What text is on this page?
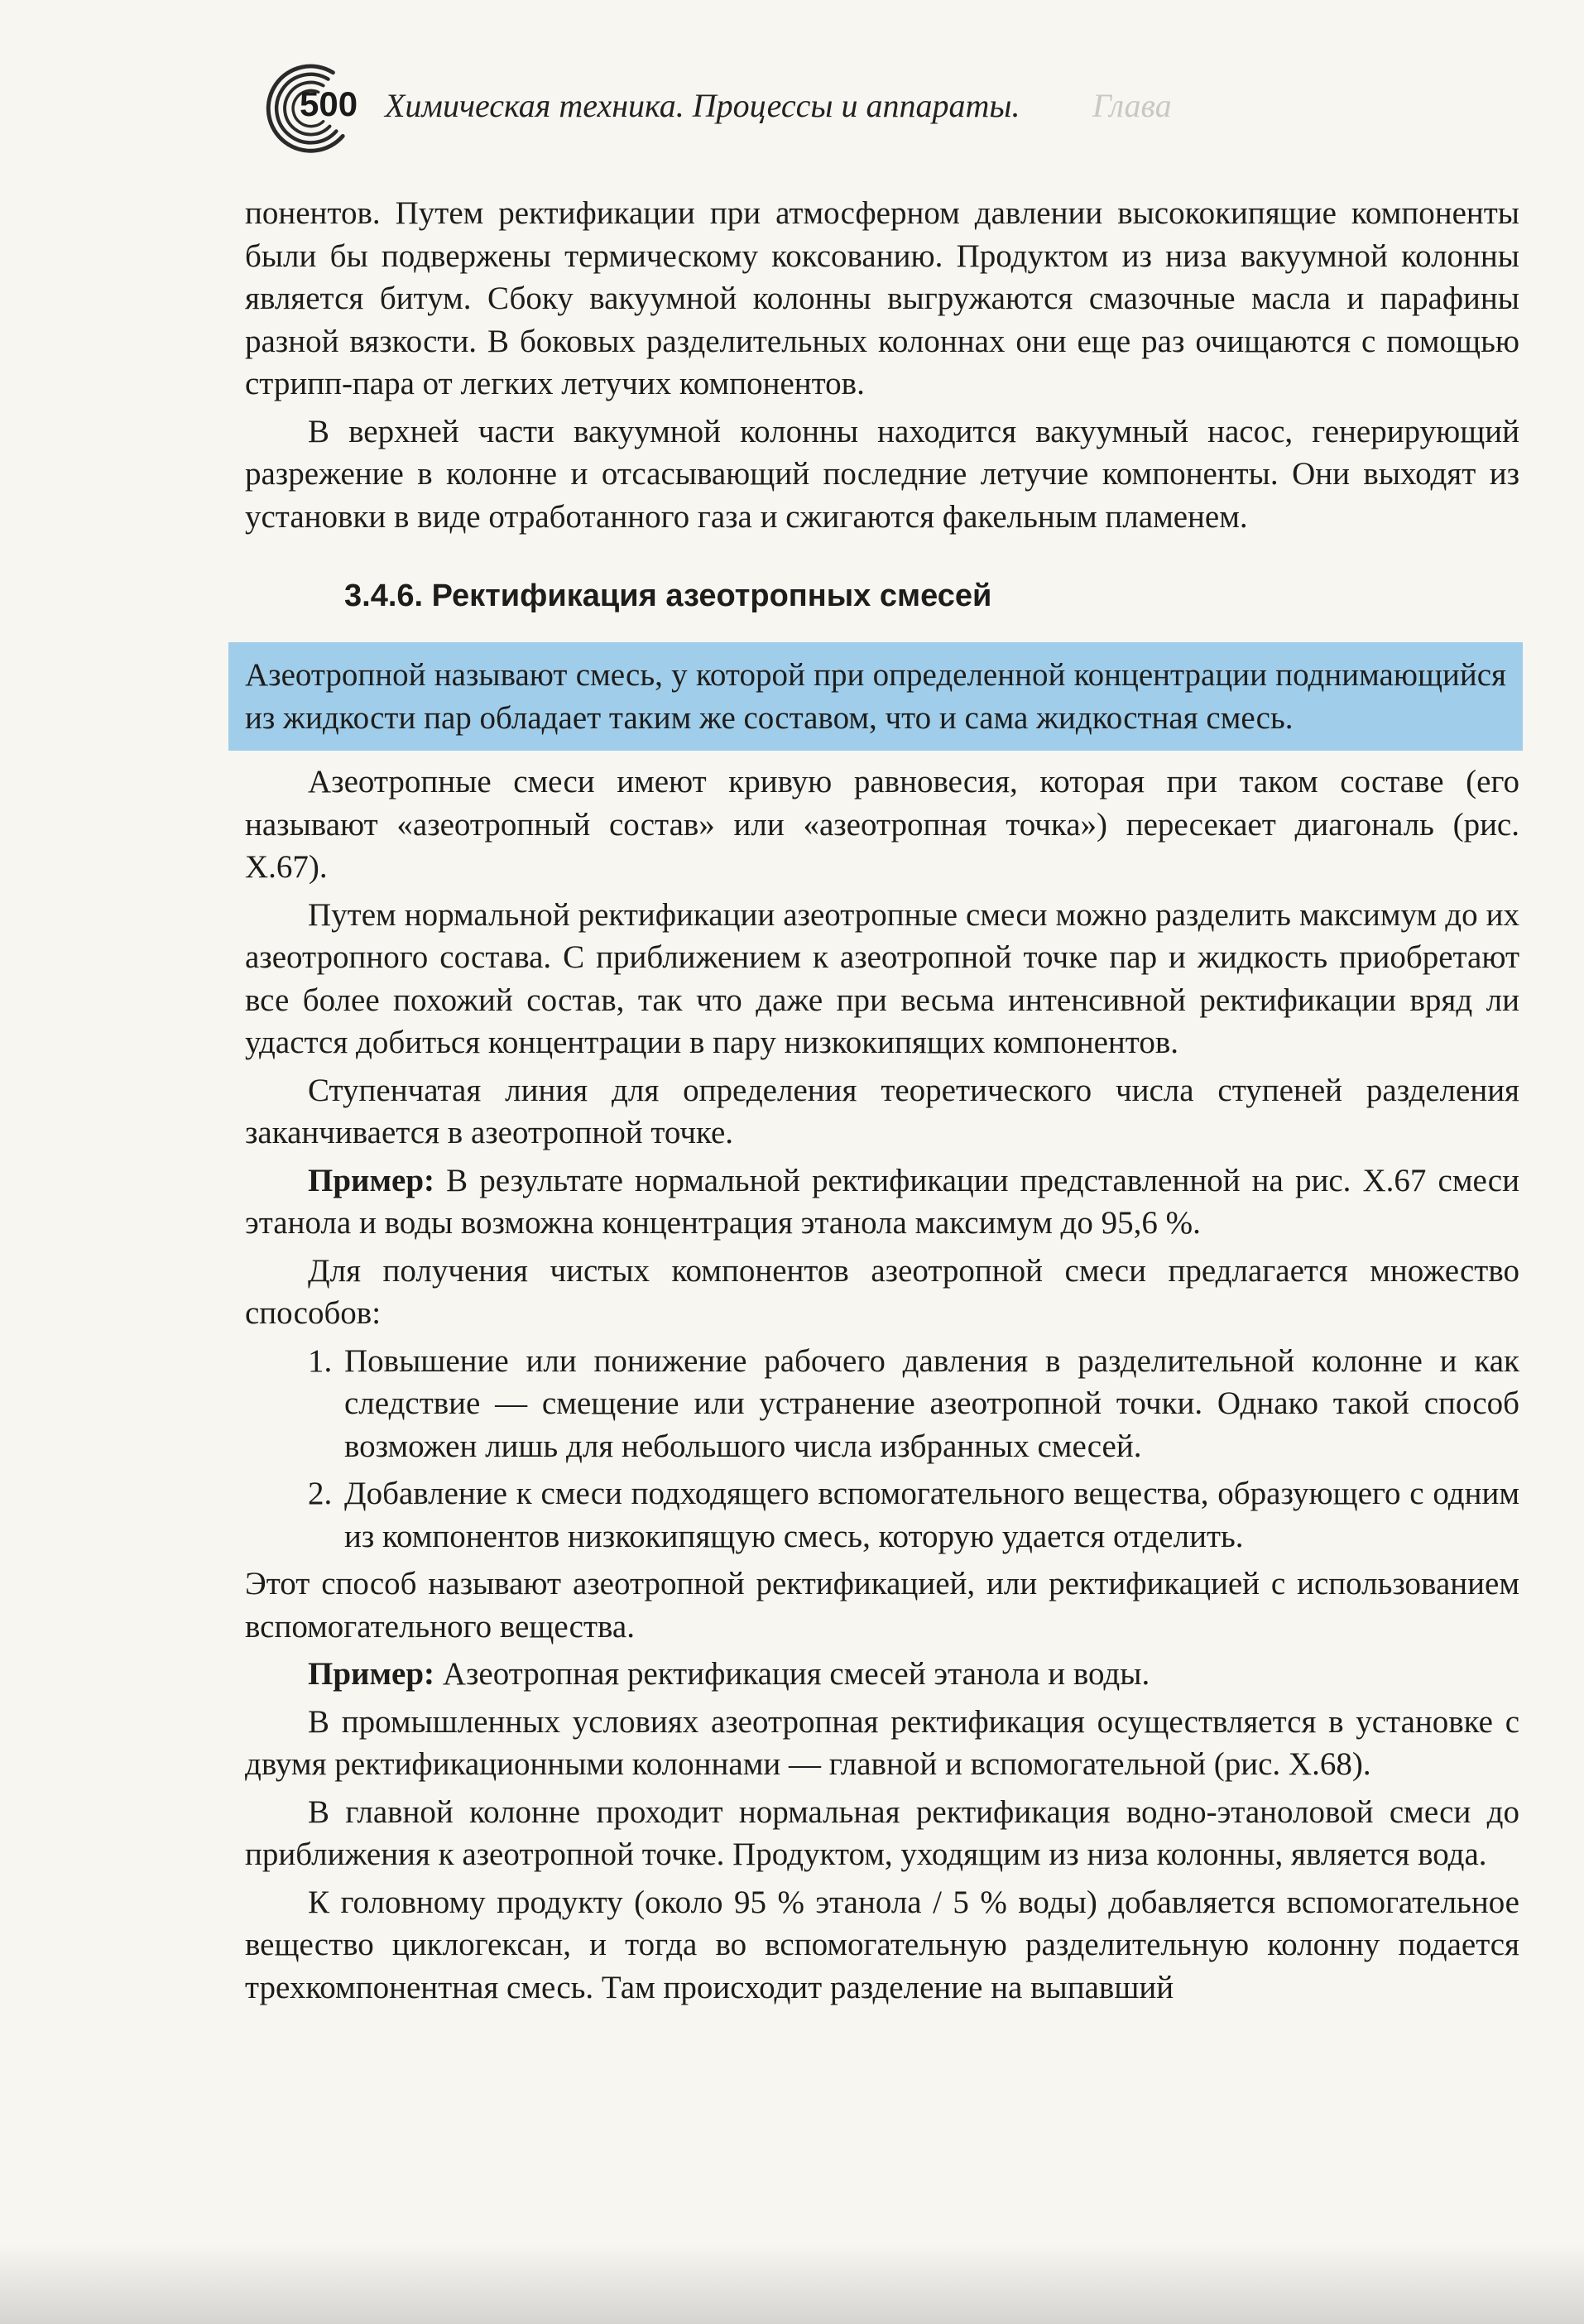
500 Химическая техника. Процессы и аппараты. Глава

понентов. Путем ректификации при атмосферном давлении высококипящие компоненты были бы подвержены термическому коксованию. Продуктом из низа вакуумной колонны является битум. Сбоку вакуумной колонны выгружаются смазочные масла и парафины разной вязкости. В боковых разделительных колоннах они еще раз очищаются с помощью стрипп-пара от легких летучих компонентов.

В верхней части вакуумной колонны находится вакуумный насос, генерирующий разрежение в колонне и отсасывающий последние летучие компоненты. Они выходят из установки в виде отработанного газа и сжигаются факельным пламенем.

3.4.6. Ректификация азеотропных смесей

Азеотропной называют смесь, у которой при определенной концентрации поднимающийся из жидкости пар обладает таким же составом, что и сама жидкостная смесь.

Азеотропные смеси имеют кривую равновесия, которая при таком составе (его называют «азеотропный состав» или «азеотропная точка») пересекает диагональ (рис. X.67).

Путем нормальной ректификации азеотропные смеси можно разделить максимум до их азеотропного состава. С приближением к азеотропной точке пар и жидкость приобретают все более похожий состав, так что даже при весьма интенсивной ректификации вряд ли удастся добиться концентрации в пару низкокипящих компонентов.

Ступенчатая линия для определения теоретического числа ступеней разделения заканчивается в азеотропной точке.

Пример: В результате нормальной ректификации представленной на рис. X.67 смеси этанола и воды возможна концентрация этанола максимум до 95,6 %.

Для получения чистых компонентов азеотропной смеси предлагается множество способов:

1. Повышение или понижение рабочего давления в разделительной колонне и как следствие — смещение или устранение азеотропной точки. Однако такой способ возможен лишь для небольшого числа избранных смесей.
2. Добавление к смеси подходящего вспомогательного вещества, образующего с одним из компонентов низкокипящую смесь, которую удается отделить.

Этот способ называют азеотропной ректификацией, или ректификацией с использованием вспомогательного вещества.

Пример: Азеотропная ректификация смесей этанола и воды.

В промышленных условиях азеотропная ректификация осуществляется в установке с двумя ректификационными колоннами — главной и вспомогательной (рис. X.68).

В главной колонне проходит нормальная ректификация водно-этаноловой смеси до приближения к азеотропной точке. Продуктом, уходящим из низа колонны, является вода.

К головному продукту (около 95 % этанола / 5 % воды) добавляется вспомогательное вещество циклогексан, и тогда во вспомогательную разделительную колонну подается трехкомпонентная смесь. Там происходит разделение на выпавший
